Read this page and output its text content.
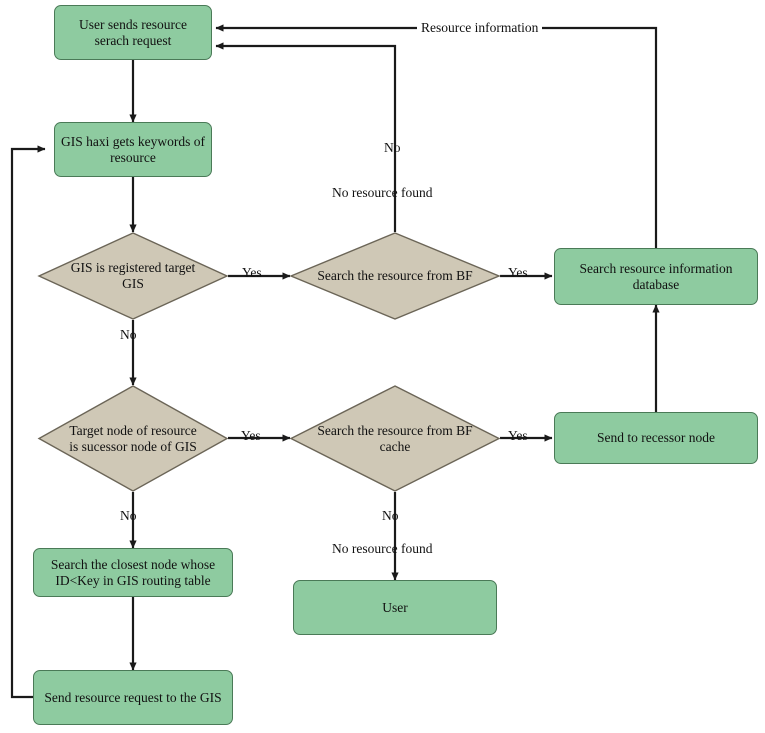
User sends resource serach request
GIS haxi gets keywords of resource
GIS is registered target GIS
Search the resource from BF	Search resource information database
Target node of resource is sucessor node of GIS
Search the resource from BF cache
Send to recessor node
Search the closest node whose ID<Key in GIS routing table
User
Send resource request to the GIS
Resource information
No
No resource found
Yes	Yes
No
Yes	Yes
No	No
No resource found
